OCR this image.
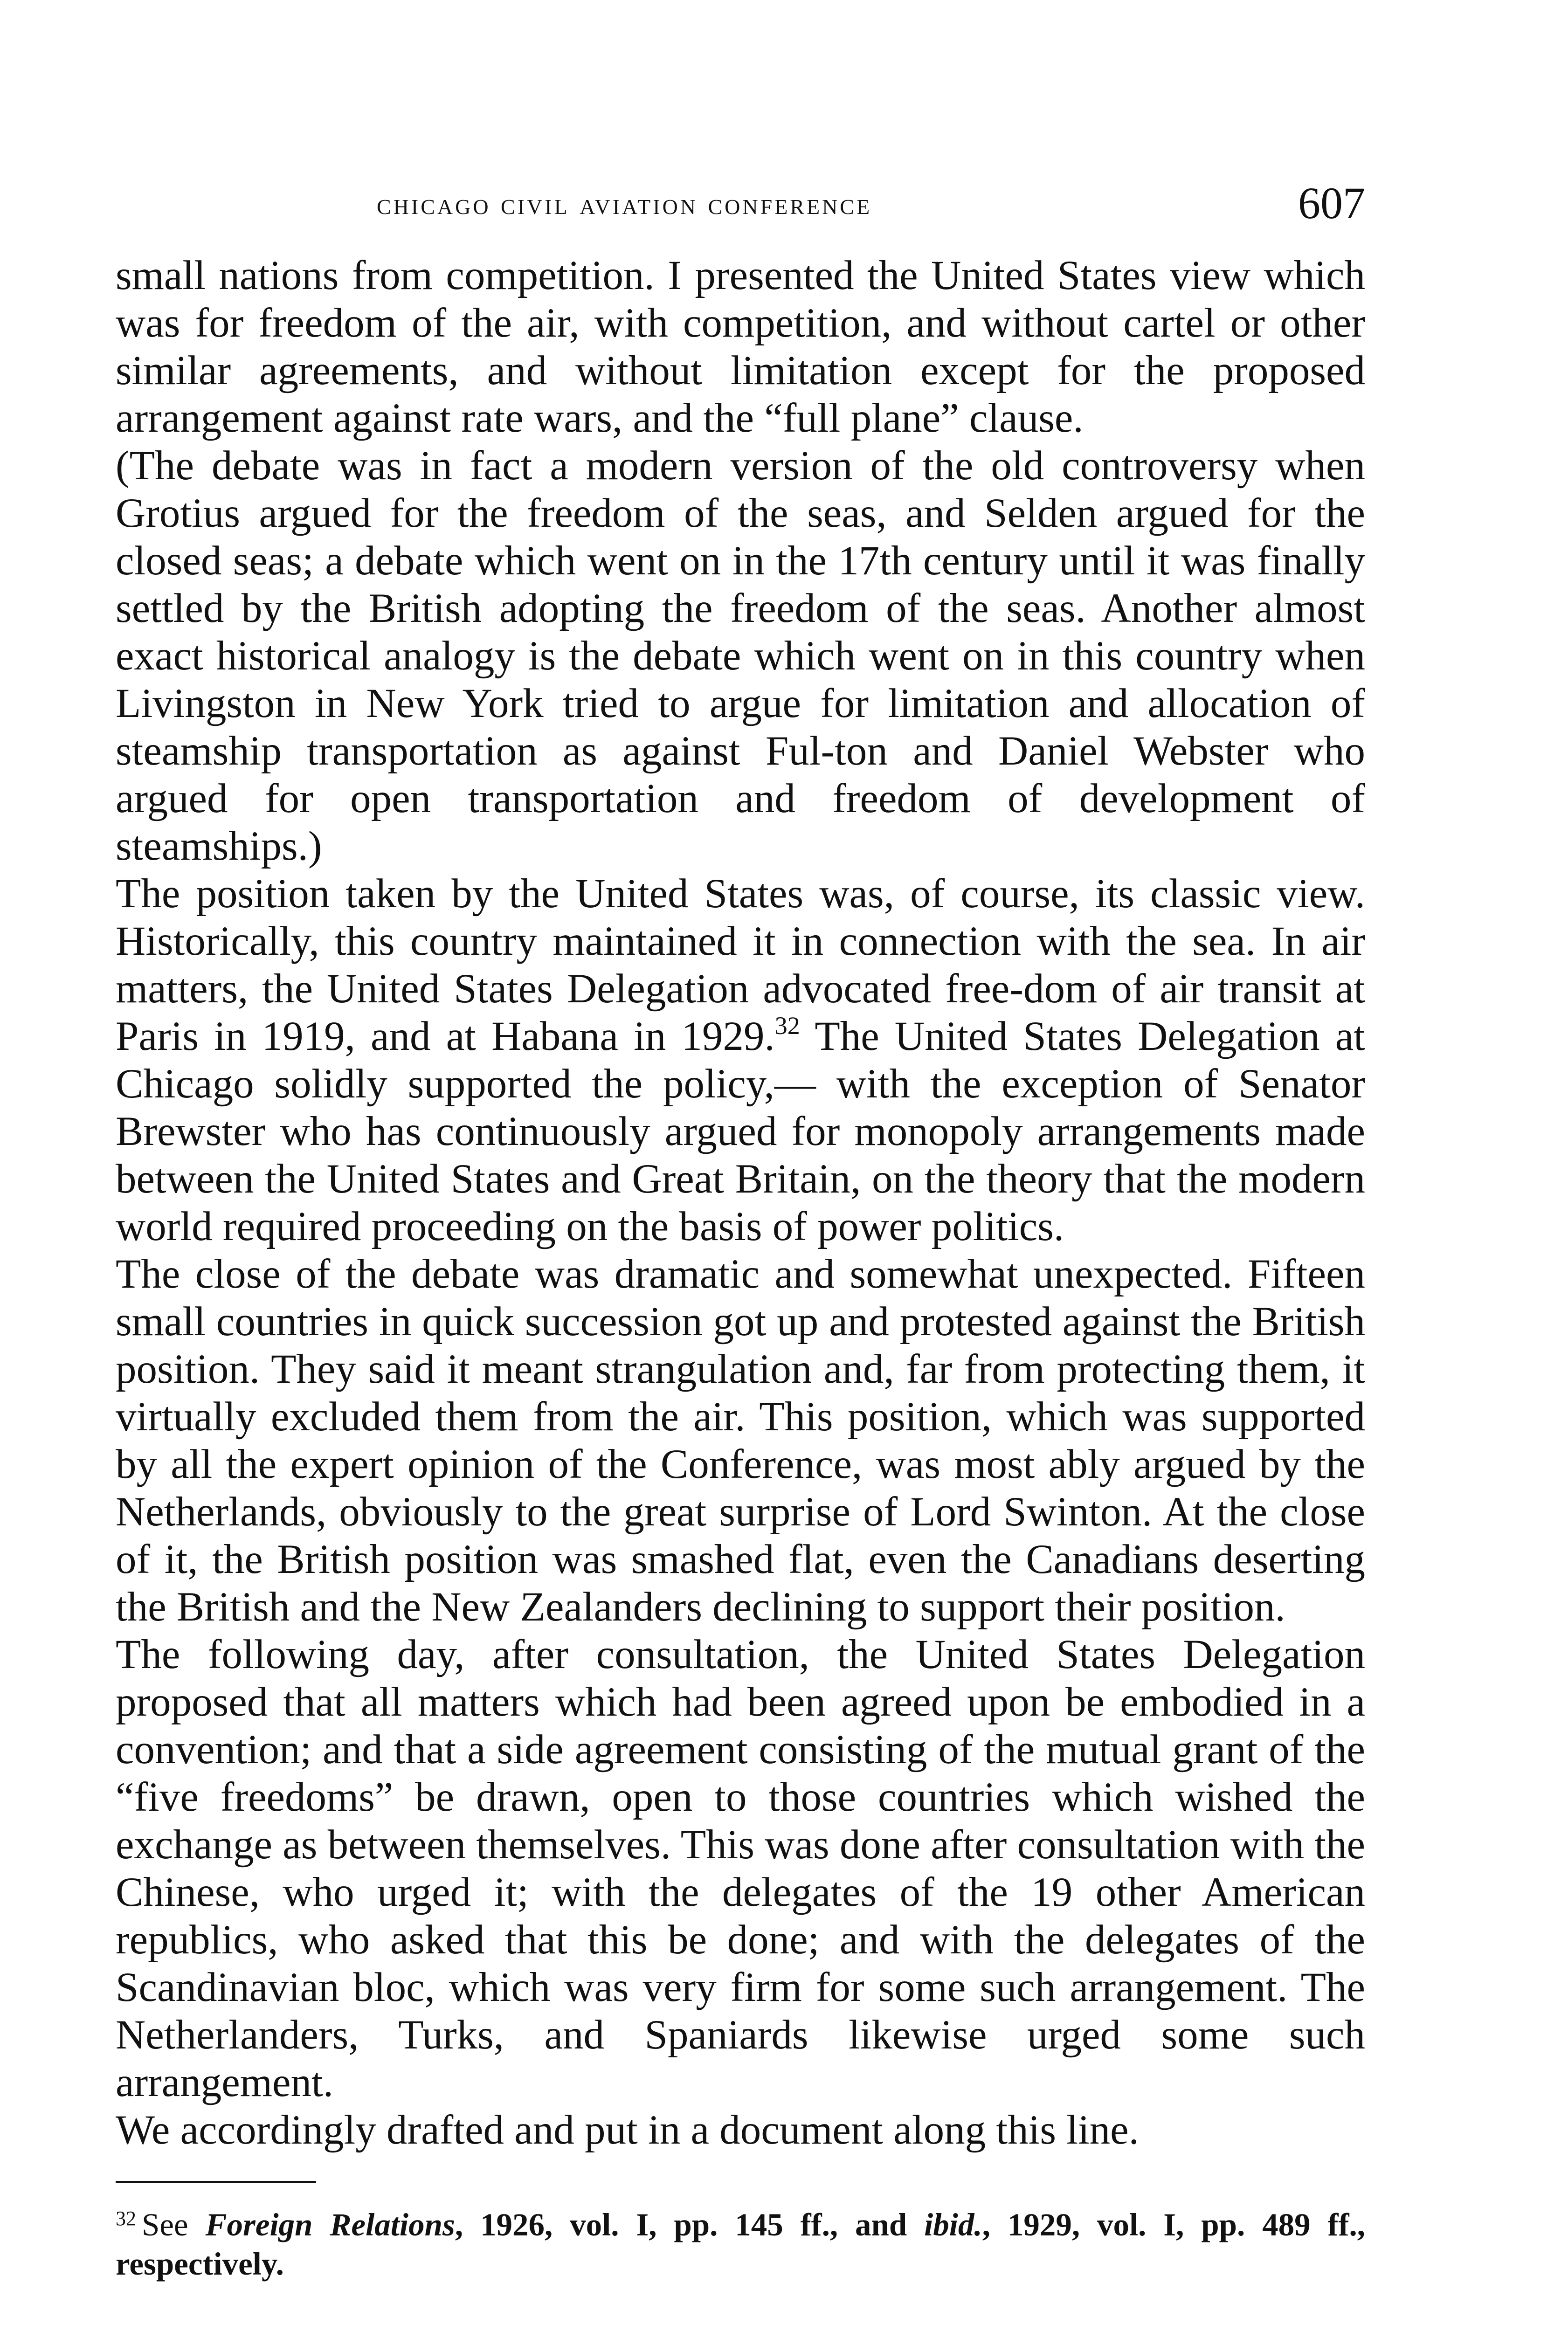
chicago civil aviation conference	607

small nations from competition. I presented the United States view which was for freedom of the air, with competition, and without cartel or other similar agreements, and without limitation except for the proposed arrangement against rate wars, and the “full plane” clause.

(The debate was in fact a modern version of the old controversy when Grotius argued for the freedom of the seas, and Selden argued for the closed seas; a debate which went on in the 17th century until it was finally settled by the British adopting the freedom of the seas. Another almost exact historical analogy is the debate which went on in this country when Livingston in New York tried to argue for limitation and allocation of steamship transportation as against Ful-ton and Daniel Webster who argued for open transportation and freedom of development of steamships.)

The position taken by the United States was, of course, its classic view. Historically, this country maintained it in connection with the sea. In air matters, the United States Delegation advocated free-dom of air transit at Paris in 1919, and at Habana in 1929.32 The United States Delegation at Chicago solidly supported the policy,— with the exception of Senator Brewster who has continuously argued for monopoly arrangements made between the United States and Great Britain, on the theory that the modern world required proceeding on the basis of power politics.

The close of the debate was dramatic and somewhat unexpected. Fifteen small countries in quick succession got up and protested against the British position. They said it meant strangulation and, far from protecting them, it virtually excluded them from the air. This position, which was supported by all the expert opinion of the Conference, was most ably argued by the Netherlands, obviously to the great surprise of Lord Swinton. At the close of it, the British position was smashed flat, even the Canadians deserting the British and the New Zealanders declining to support their position.

The following day, after consultation, the United States Delegation proposed that all matters which had been agreed upon be embodied in a convention; and that a side agreement consisting of the mutual grant of the “five freedoms” be drawn, open to those countries which wished the exchange as between themselves. This was done after consultation with the Chinese, who urged it; with the delegates of the 19 other American republics, who asked that this be done; and with the delegates of the Scandinavian bloc, which was very firm for some such arrangement. The Netherlanders, Turks, and Spaniards likewise urged some such arrangement.

We accordingly drafted and put in a document along this line.

$^{32}$ See Foreign Relations, 1926, vol. I, pp. 145 ff., and ibid., 1929, vol. I, pp. 489 ff., respectively.
